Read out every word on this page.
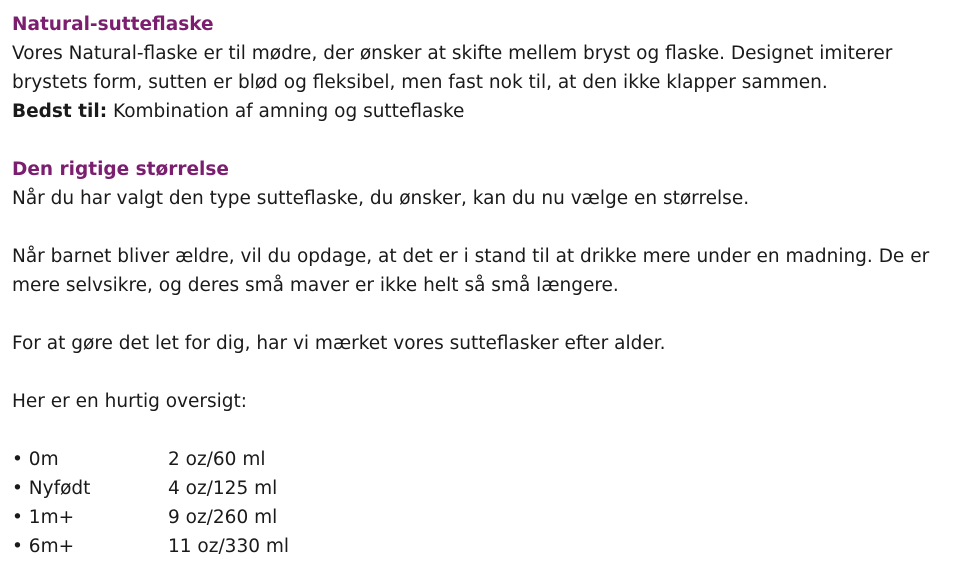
Natural-sutteflaske

Vores Natural-flaske er til mødre, der ønsker at skifte mellem bryst og flaske. Designet imiterer brystets form, sutten er blød og fleksibel, men fast nok til, at den ikke klapper sammen.

Bedst til: Kombination af amning og sutteflaske

Den rigtige størrelse

Når du har valgt den type sutteflaske, du ønsker, kan du nu vælge en størrelse.

Når barnet bliver ældre, vil du opdage, at det er i stand til at drikke mere under en madning. De er mere selvsikre, og deres små maver er ikke helt så små længere.

For at gøre det let for dig, har vi mærket vores sutteflasker efter alder.

Her er en hurtig oversigt:

• 0m	2 oz/60 ml
• Nyfødt	4 oz/125 ml
• 1m+	9 oz/260 ml
• 6m+	11 oz/330 ml
